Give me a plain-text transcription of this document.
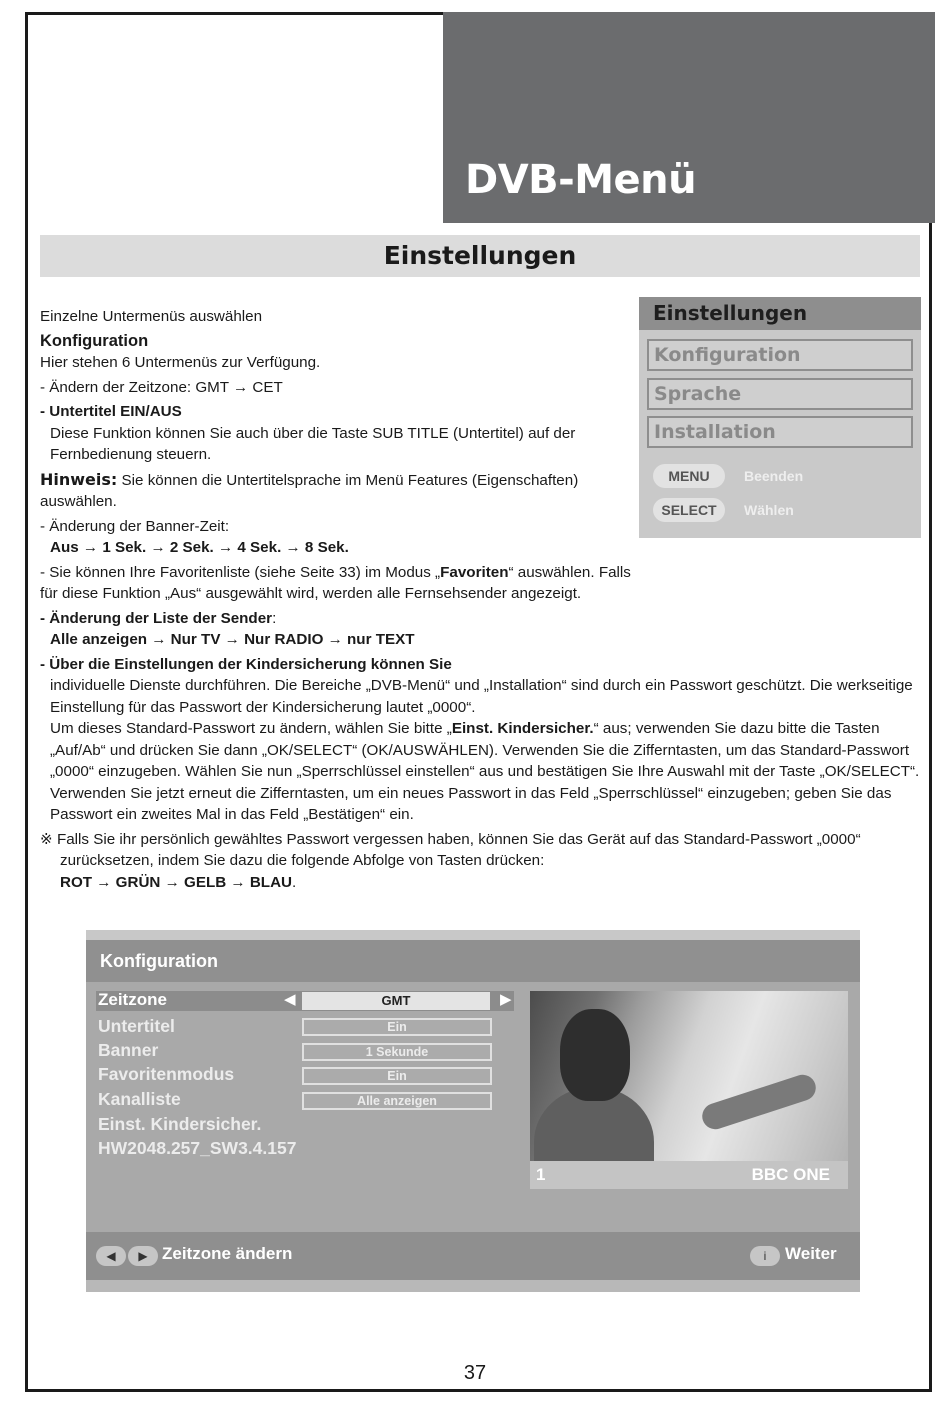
DVB-Menü
Einstellungen
Einstellungen
Konfiguration
Sprache
Installation
MENU	Beenden
SELECT	Wählen

Einzelne Untermenüs auswählen

Konfiguration

Hier stehen 6 Untermenüs zur Verfügung.

- Ändern der Zeitzone: GMT → CET

- Untertitel EIN/AUS

Diese Funktion können Sie auch über die Taste SUB TITLE (Untertitel) auf der Fernbedienung steuern.

Hinweis: Sie können die Untertitelsprache im Menü Features (Eigenschaften) auswählen.

- Änderung der Banner-Zeit:

Aus → 1 Sek. → 2 Sek. → 4 Sek. → 8 Sek.

- Sie können Ihre Favoritenliste (siehe Seite 33) im Modus „Favoriten“ auswählen. Falls für diese Funktion „Aus“ ausgewählt wird, werden alle Fernsehsender angezeigt.

- Änderung der Liste der Sender:

Alle anzeigen → Nur TV → Nur RADIO → nur TEXT

- Über die Einstellungen der Kindersicherung können Sie

individuelle Dienste durchführen. Die Bereiche „DVB-Menü“ und „Installation“ sind durch ein Passwort geschützt. Die werkseitige Einstellung für das Passwort der Kindersicherung lautet „0000“.

Um dieses Standard-Passwort zu ändern, wählen Sie bitte „Einst. Kindersicher.“ aus; verwenden Sie dazu bitte die Tasten „Auf/Ab“ und drücken Sie dann „OK/SELECT“ (OK/AUSWÄHLEN). Verwenden Sie die Zifferntasten, um das Standard-Passwort „0000“ einzugeben. Wählen Sie nun „Sperrschlüssel einstellen“ aus und bestätigen Sie Ihre Auswahl mit der Taste „OK/SELECT“. Verwenden Sie jetzt erneut die Zifferntasten, um ein neues Passwort in das Feld „Sperrschlüssel“ einzugeben; geben Sie das Passwort ein zweites Mal in das Feld „Bestätigen“ ein.

※ Falls Sie ihr persönlich gewähltes Passwort vergessen haben, können Sie das Gerät auf das Standard-Passwort „0000“ zurücksetzen, indem Sie dazu die folgende Abfolge von Tasten drücken:

ROT → GRÜN → GELB → BLAU.

Konfiguration
Zeitzone	◀	GMT	▶
Untertitel	Ein
Banner	1 Sekunde
Favoritenmodus	Ein
Kanalliste	Alle anzeigen
Einst. Kindersicher.
HW2048.257_SW3.4.157
1	BBC ONE
◀	▶ Zeitzone ändern	i	Weiter
37
